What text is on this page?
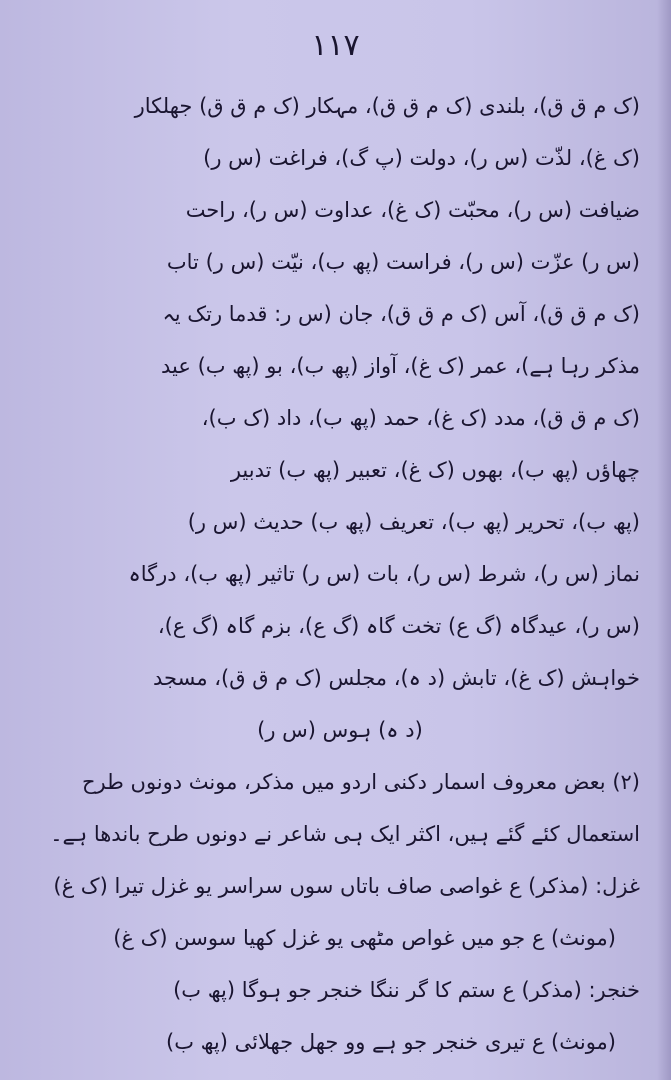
۱۱۷
(ک م ق ق)، بلندی (ک م ق ق)، مہکار (ک م ق ق) جھلکار
(ک غ)، لذّت (س ر)، دولت (پ گ)، فراغت (س ر)
ضیافت (س ر)، محبّت (ک غ)، عداوت (س ر)، راحت
(س ر) عزّت (س ر)، فراست (پھ ب)، نیّت (س ر) تاب
(ک م ق ق)، آس (ک م ق ق)، جان (س ر: قدما رتک یہ
مذکر رہا ہے)، عمر (ک غ)، آواز (پھ ب)، بو (پھ ب) عید
(ک م ق ق)، مدد (ک غ)، حمد (پھ ب)، داد (ک ب)،
چھاؤں (پھ ب)، بھوں (ک غ)، تعبیر (پھ ب) تدبیر
(پھ ب)، تحریر (پھ ب)، تعریف (پھ ب) حدیث (س ر)
نماز (س ر)، شرط (س ر)، بات (س ر) تاثیر (پھ ب)، درگاہ
(س ر)، عیدگاہ (گ ع) تخت گاہ (گ ع)، بزم گاہ (گ ع)،
خواہش (ک غ)، تابش (د ہ)، مجلس (ک م ق ق)، مسجد
(د ہ) ہوس (س ر)
(۲) بعض معروف اسمار دکنی اردو میں مذکر، مونث دونوں طرح
استعمال کئے گئے ہیں، اکثر ایک ہی شاعر نے دونوں طرح باندھا ہے۔
غزل: (مذکر) ع غواصی صاف باتاں سوں سراسر یو غزل تیرا (ک غ)
(مونث) ع جو میں غواص مٹھی یو غزل کھیا سوسن (ک غ)
خنجر: (مذکر) ع ستم کا گر ننگا خنجر جو ہوگا (پھ ب)
(مونث) ع تیری خنجر جو ہے وو جھل جھلائی (پھ ب)
